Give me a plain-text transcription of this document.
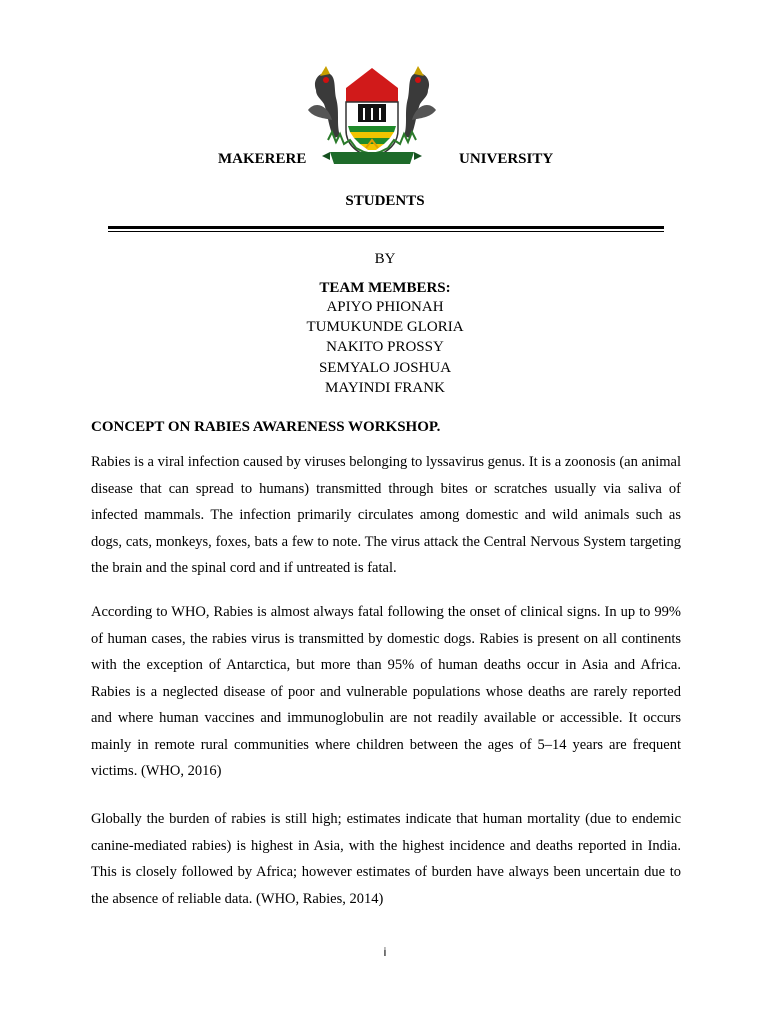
MAKERERE	UNIVERSITY
STUDENTS
BY
TEAM MEMBERS:
APIYO PHIONAH
TUMUKUNDE GLORIA
NAKITO PROSSY
SEMYALO JOSHUA
MAYINDI FRANK
CONCEPT ON RABIES AWARENESS WORKSHOP.

Rabies is a viral infection caused by viruses belonging to lyssavirus genus. It is a zoonosis (an animal disease that can spread to humans) transmitted through bites or scratches usually via saliva of infected mammals. The infection primarily circulates among domestic and wild animals such as dogs, cats, monkeys, foxes, bats a few to note. The virus attack the Central Nervous System targeting the brain and the spinal cord and if untreated is fatal.

According to WHO, Rabies is almost always fatal following the onset of clinical signs. In up to 99% of human cases, the rabies virus is transmitted by domestic dogs. Rabies is present on all continents with the exception of Antarctica, but more than 95% of human deaths occur in Asia and Africa. Rabies is a neglected disease of poor and vulnerable populations whose deaths are rarely reported and where human vaccines and immunoglobulin are not readily available or accessible. It occurs mainly in remote rural communities where children between the ages of 5–14 years are frequent victims. (WHO, 2016)

Globally the burden of rabies is still high; estimates indicate that human mortality (due to endemic canine-mediated rabies) is highest in Asia, with the highest incidence and deaths reported in India. This is closely followed by Africa; however estimates of burden have always been uncertain due to the absence of reliable data. (WHO, Rabies, 2014)

i
